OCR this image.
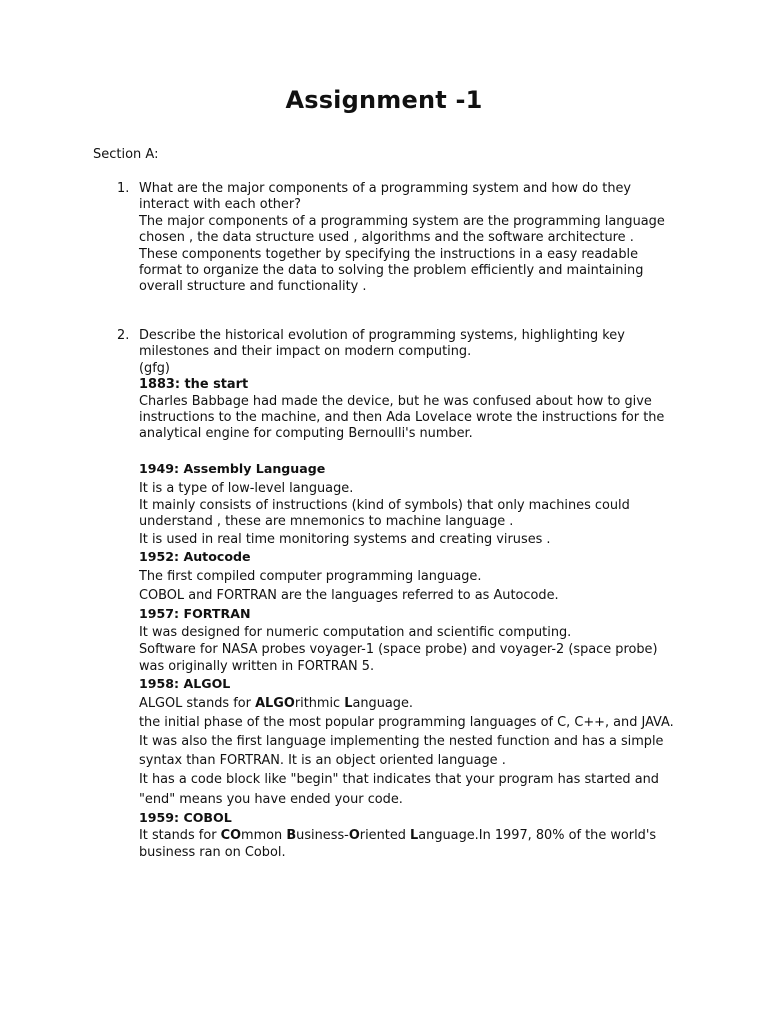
Assignment -1

Section A:

1. What are the major components of a programming system and how do they interact with each other?

The major components of a programming system are the programming language chosen , the data structure used , algorithms and the software architecture .

These components together by specifying the instructions in a easy readable format to organize the data to solving the problem efficiently and maintaining overall structure and functionality .

2. Describe the historical evolution of programming systems, highlighting key milestones and their impact on modern computing.

(gfg)

1883: the start

Charles Babbage had made the device, but he was confused about how to give instructions to the machine, and then Ada Lovelace wrote the instructions for the analytical engine for computing Bernoulli's number.

1949: Assembly Language

It is a type of low-level language.

It mainly consists of instructions (kind of symbols) that only machines could understand , these are mnemonics to machine language .

It is used in real time monitoring systems and creating viruses .

1952: Autocode

The first compiled computer programming language.

COBOL and FORTRAN are the languages referred to as Autocode.

1957: FORTRAN

It was designed for numeric computation and scientific computing.

Software for NASA probes voyager-1 (space probe) and voyager-2 (space probe) was originally written in FORTRAN 5.

1958: ALGOL

ALGOL stands for ALGOrithmic Language.

the initial phase of the most popular programming languages of C, C++, and JAVA.

It was also the first language implementing the nested function and has a simple syntax than FORTRAN. It is an object oriented language .

It has a code block like "begin" that indicates that your program has started and "end" means you have ended your code.

1959: COBOL

It stands for COmmon Business-Oriented Language.In 1997, 80% of the world's business ran on Cobol.
